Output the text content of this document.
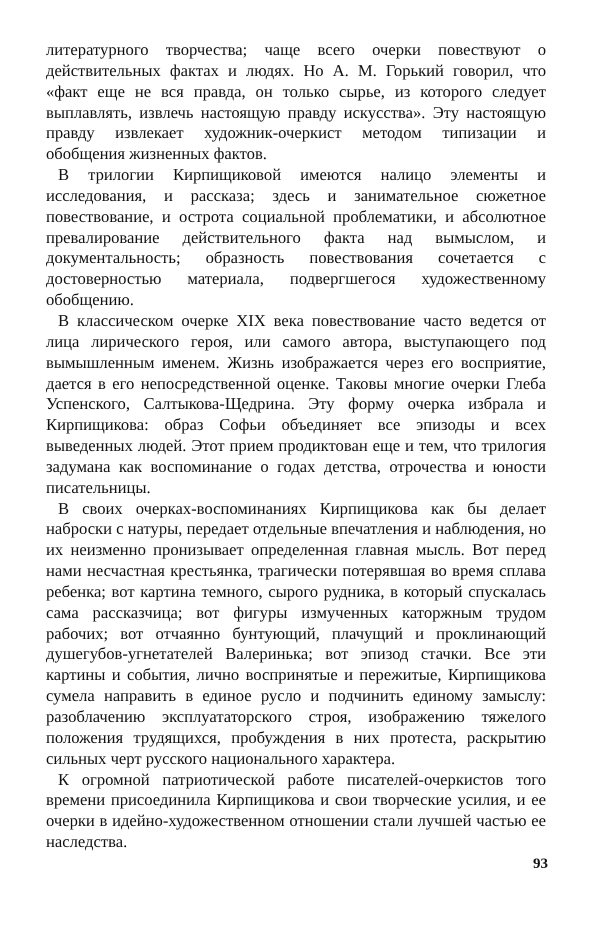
литературного творчества; чаще всего очерки повествуют о действительных фактах и людях. Но А. М. Горький говорил, что «факт еще не вся правда, он только сырье, из которого следует выплавлять, извлечь настоящую правду искусства». Эту настоящую правду извлекает художник-очеркист методом типизации и обобщения жизненных фактов.

В трилогии Кирпищиковой имеются налицо элементы и исследования, и рассказа; здесь и занимательное сюжетное повествование, и острота социальной проблематики, и абсолютное превалирование действительного факта над вымыслом, и документальность; образность повествования сочетается с достоверностью материала, подвергшегося художественному обобщению.

В классическом очерке XIX века повествование часто ведется от лица лирического героя, или самого автора, выступающего под вымышленным именем. Жизнь изображается через его восприятие, дается в его непосредственной оценке. Таковы многие очерки Глеба Успенского, Салтыкова-Щедрина. Эту форму очерка избрала и Кирпищикова: образ Софьи объединяет все эпизоды и всех выведенных людей. Этот прием продиктован еще и тем, что трилогия задумана как воспоминание о годах детства, отрочества и юности писательницы.

В своих очерках-воспоминаниях Кирпищикова как бы делает наброски с натуры, передает отдельные впечатления и наблюдения, но их неизменно пронизывает определенная главная мысль. Вот перед нами несчастная крестьянка, трагически потерявшая во время сплава ребенка; вот картина темного, сырого рудника, в который спускалась сама рассказчица; вот фигуры измученных каторжным трудом рабочих; вот отчаянно бунтующий, плачущий и проклинающий душегубов-угнетателей Валеринька; вот эпизод стачки. Все эти картины и события, лично воспринятые и пережитые, Кирпищикова сумела направить в единое русло и подчинить единому замыслу: разоблачению эксплуататорского строя, изображению тяжелого положения трудящихся, пробуждения в них протеста, раскрытию сильных черт русского национального характера.

К огромной патриотической работе писателей-очеркистов того времени присоединила Кирпищикова и свои творческие усилия, и ее очерки в идейно-художественном отношении стали лучшей частью ее наследства.

93
